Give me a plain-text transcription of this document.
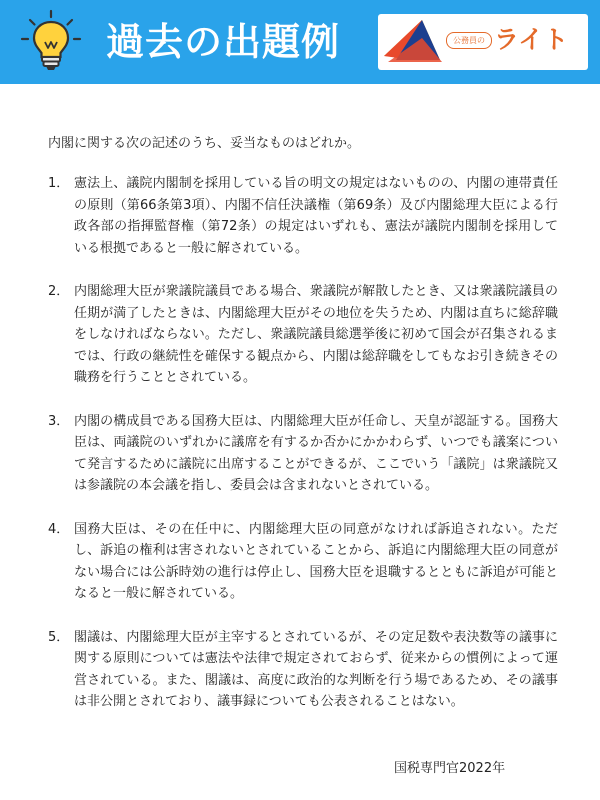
過去の出題例	公務員の ライト

内閣に関する次の記述のうち、妥当なものはどれか。

1． 憲法上、議院内閣制を採用している旨の明文の規定はないものの、内閣の連帯責任の原則（第66条第3項）、内閣不信任決議権（第69条）及び内閣総理大臣による行政各部の指揮監督権（第72条）の規定はいずれも、憲法が議院内閣制を採用している根拠であると一般に解されている。
2． 内閣総理大臣が衆議院議員である場合、衆議院が解散したとき、又は衆議院議員の任期が満了したときは、内閣総理大臣がその地位を失うため、内閣は直ちに総辞職をしなければならない。ただし、衆議院議員総選挙後に初めて国会が召集されるまでは、行政の継続性を確保する観点から、内閣は総辞職をしてもなお引き続きその職務を行うこととされている。
3． 内閣の構成員である国務大臣は、内閣総理大臣が任命し、天皇が認証する。国務大臣は、両議院のいずれかに議席を有するか否かにかかわらず、いつでも議案について発言するために議院に出席することができるが、ここでいう「議院」は衆議院又は参議院の本会議を指し、委員会は含まれないとされている。
4． 国務大臣は、その在任中に、内閣総理大臣の同意がなければ訴追されない。ただし、訴追の権利は害されないとされていることから、訴追に内閣総理大臣の同意がない場合には公訴時効の進行は停止し、国務大臣を退職するとともに訴追が可能となると一般に解されている。
5． 閣議は、内閣総理大臣が主宰するとされているが、その定足数や表決数等の議事に関する原則については憲法や法律で規定されておらず、従来からの慣例によって運営されている。また、閣議は、高度に政治的な判断を行う場であるため、その議事は非公開とされており、議事録についても公表されることはない。
国税専門官2022年
